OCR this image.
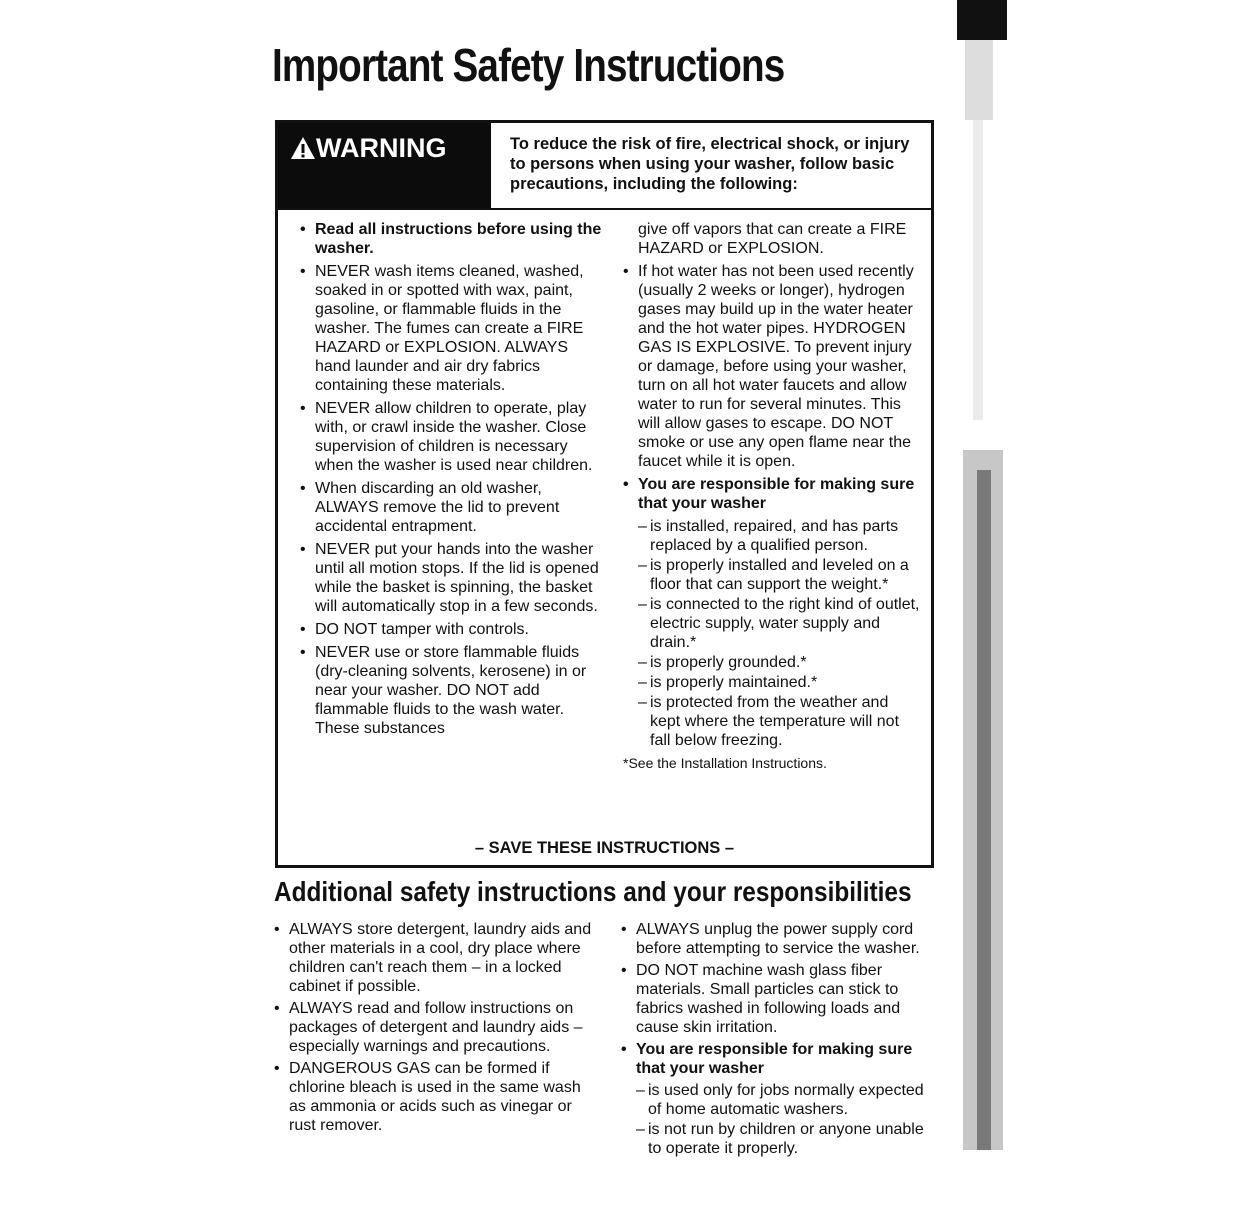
Important Safety Instructions
WARNING	To reduce the risk of fire, electrical shock, or injury to persons when using your washer, follow basic precautions, including the following:
• Read all instructions before using the washer.
• NEVER wash items cleaned, washed, soaked in or spotted with wax, paint, gasoline, or flammable fluids in the washer. The fumes can create a FIRE HAZARD or EXPLOSION. ALWAYS hand launder and air dry fabrics containing these materials.
• NEVER allow children to operate, play with, or crawl inside the washer. Close supervision of children is necessary when the washer is used near children.
• When discarding an old washer, ALWAYS remove the lid to prevent accidental entrapment.
• NEVER put your hands into the washer until all motion stops. If the lid is opened while the basket is spinning, the basket will automatically stop in a few seconds.
• DO NOT tamper with controls.
• NEVER use or store flammable fluids (dry-cleaning solvents, kerosene) in or near your washer. DO NOT add flammable fluids to the wash water. These substances

give off vapors that can create a FIRE HAZARD or EXPLOSION.

• If hot water has not been used recently (usually 2 weeks or longer), hydrogen gases may build up in the water heater and the hot water pipes. HYDROGEN GAS IS EXPLOSIVE. To prevent injury or damage, before using your washer, turn on all hot water faucets and allow water to run for several minutes. This will allow gases to escape. DO NOT smoke or use any open flame near the faucet while it is open.
• You are responsible for making sure that your washer
– is installed, repaired, and has parts replaced by a qualified person.
– is properly installed and leveled on a floor that can support the weight.*
– is connected to the right kind of outlet, electric supply, water supply and drain.*
– is properly grounded.*
– is properly maintained.*
– is protected from the weather and kept where the temperature will not fall below freezing.
*See the Installation Instructions.
– SAVE THESE INSTRUCTIONS –
Additional safety instructions and your responsibilities
• ALWAYS store detergent, laundry aids and other materials in a cool, dry place where children can't reach them – in a locked cabinet if possible.
• ALWAYS read and follow instructions on packages of detergent and laundry aids – especially warnings and precautions.
• DANGEROUS GAS can be formed if chlorine bleach is used in the same wash as ammonia or acids such as vinegar or rust remover.
• ALWAYS unplug the power supply cord before attempting to service the washer.
• DO NOT machine wash glass fiber materials. Small particles can stick to fabrics washed in following loads and cause skin irritation.
• You are responsible for making sure that your washer
– is used only for jobs normally expected of home automatic washers.
– is not run by children or anyone unable to operate it properly.
